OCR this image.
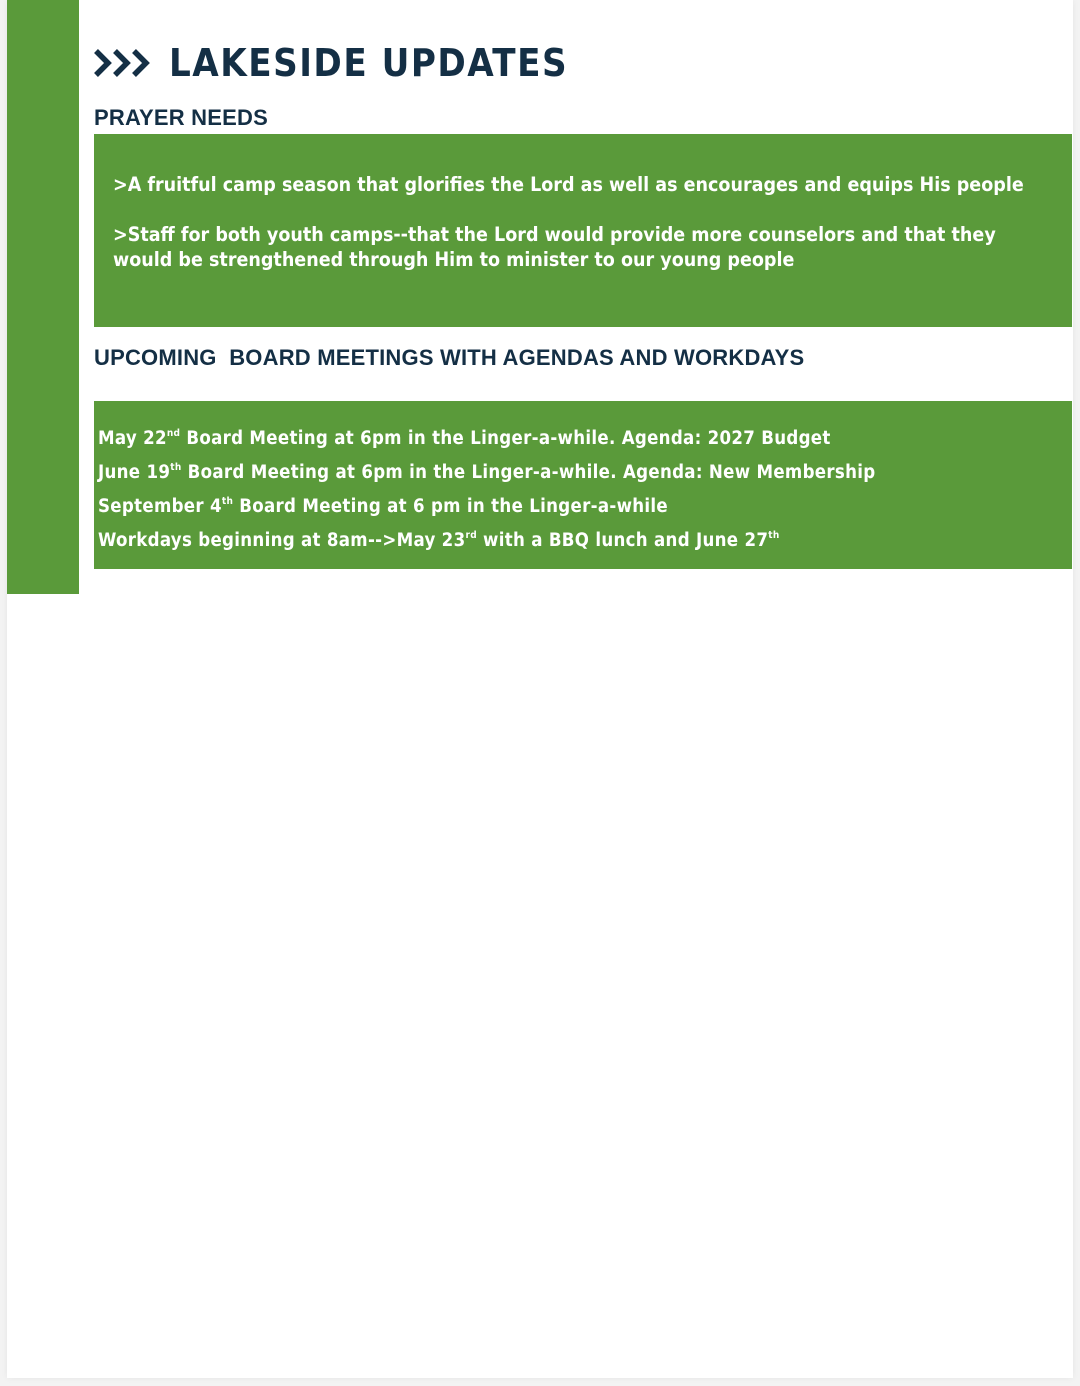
LAKESIDE UPDATES
PRAYER NEEDS

>A fruitful camp season that glorifies the Lord as well as encourages and equips His people

>Staff for both youth camps--that the Lord would provide more counselors and that they would be strengthened through Him to minister to our young people

UPCOMING  BOARD MEETINGS WITH AGENDAS AND WORKDAYS
May 22nd Board Meeting at 6pm in the Linger-a-while. Agenda: 2027 Budget
June 19th Board Meeting at 6pm in the Linger-a-while. Agenda: New Membership
September 4th Board Meeting at 6 pm in the Linger-a-while
Workdays beginning at 8am-->May 23rd with a BBQ lunch and June 27th
